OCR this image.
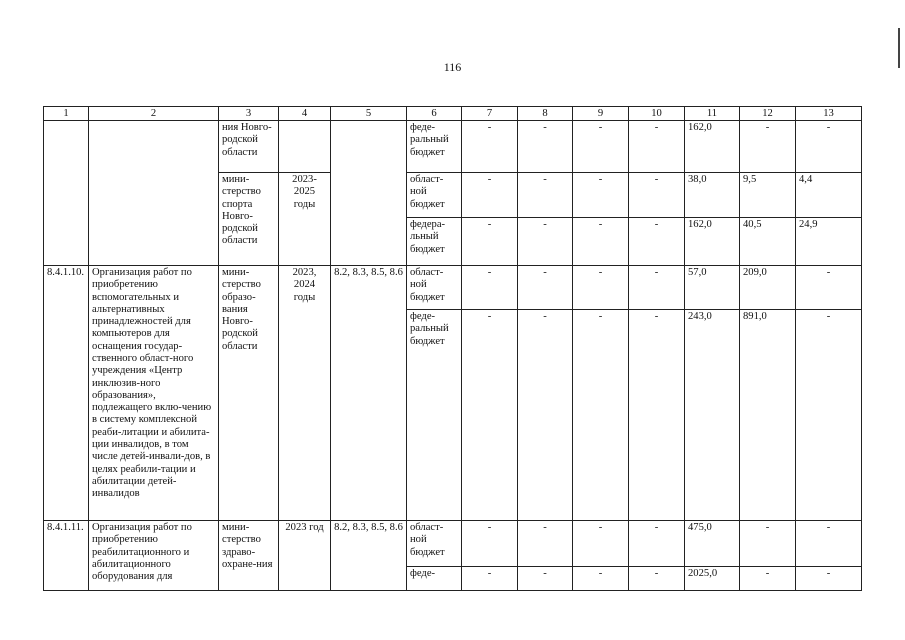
116
1	2	3	4	5	6	7	8	9	10	11	12	13
		ния Новго-родской области			феде-ральный бюджет	-	-	-	-	162,0	-	-
		мини-стерство спорта Новго-родской области	2023-2025 годы		област-ной бюджет	-	-	-	-	38,0	9,5	4,4
					федера-льный бюджет	-	-	-	-	162,0	40,5	24,9
8.4.1.10.	Организация работ по приобретению вспомогательных и альтернативных принадлежностей для компьютеров для оснащения государ-ственного област-ного учреждения «Центр инклюзив-ного образования», подлежащего вклю-чению в систему комплексной реаби-литации и абилита-ции инвалидов, в том числе детей-инвали-дов, в целях реабили-тации и абилитации детей-инвалидов	мини-стерство образо-вания Новго-родской области	2023, 2024 годы	8.2, 8.3, 8.5, 8.6	област-ной бюджет	-	-	-	-	57,0	209,0	-
					феде-ральный бюджет	-	-	-	-	243,0	891,0	-
8.4.1.11.	Организация работ по приобретению реабилитационного и абилитационного оборудования для	мини-стерство здраво-охране-ния	2023 год	8.2, 8.3, 8.5, 8.6	област-ной бюджет	-	-	-	-	475,0	-	-
					феде-	-	-	-	-	2025,0	-	-
